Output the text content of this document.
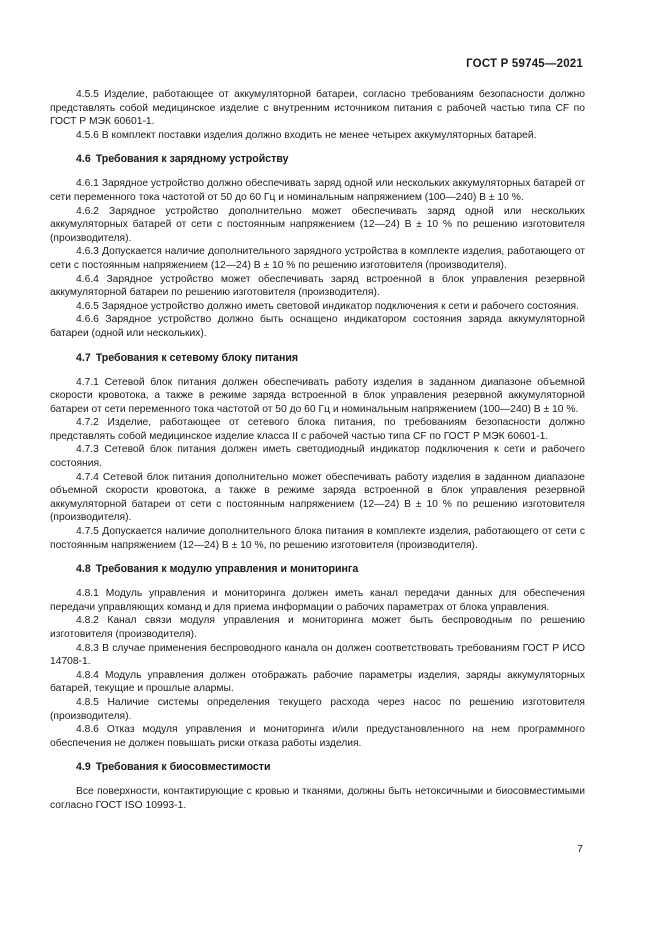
ГОСТ Р 59745—2021

4.5.5 Изделие, работающее от аккумуляторной батареи, согласно требованиям безопасности должно представлять собой медицинское изделие с внутренним источником питания с рабочей частью типа CF по ГОСТ Р МЭК 60601-1.

4.5.6 В комплект поставки изделия должно входить не менее четырех аккумуляторных батарей.

4.6 Требования к зарядному устройству

4.6.1 Зарядное устройство должно обеспечивать заряд одной или нескольких аккумуляторных батарей от сети переменного тока частотой от 50 до 60 Гц и номинальным напряжением (100—240) В ± 10 %.

4.6.2 Зарядное устройство дополнительно может обеспечивать заряд одной или нескольких аккумуляторных батарей от сети с постоянным напряжением (12—24) В ± 10 % по решению изготовителя (производителя).

4.6.3 Допускается наличие дополнительного зарядного устройства в комплекте изделия, работающего от сети с постоянным напряжением (12—24) В ± 10 % по решению изготовителя (производителя).

4.6.4 Зарядное устройство может обеспечивать заряд встроенной в блок управления резервной аккумуляторной батареи по решению изготовителя (производителя).

4.6.5 Зарядное устройство должно иметь световой индикатор подключения к сети и рабочего состояния.

4.6.6 Зарядное устройство должно быть оснащено индикатором состояния заряда аккумуляторной батареи (одной или нескольких).

4.7 Требования к сетевому блоку питания

4.7.1 Сетевой блок питания должен обеспечивать работу изделия в заданном диапазоне объемной скорости кровотока, а также в режиме заряда встроенной в блок управления резервной аккумуляторной батареи от сети переменного тока частотой от 50 до 60 Гц и номинальным напряжением (100—240) В ± 10 %.

4.7.2 Изделие, работающее от сетевого блока питания, по требованиям безопасности должно представлять собой медицинское изделие класса II с рабочей частью типа CF по ГОСТ Р МЭК 60601-1.

4.7.3 Сетевой блок питания должен иметь светодиодный индикатор подключения к сети и рабочего состояния.

4.7.4 Сетевой блок питания дополнительно может обеспечивать работу изделия в заданном диапазоне объемной скорости кровотока, а также в режиме заряда встроенной в блок управления резервной аккумуляторной батареи от сети с постоянным напряжением (12—24) В ± 10 % по решению изготовителя (производителя).

4.7.5 Допускается наличие дополнительного блока питания в комплекте изделия, работающего от сети с постоянным напряжением (12—24) В ± 10 %, по решению изготовителя (производителя).

4.8 Требования к модулю управления и мониторинга

4.8.1 Модуль управления и мониторинга должен иметь канал передачи данных для обеспечения передачи управляющих команд и для приема информации о рабочих параметрах от блока управления.

4.8.2 Канал связи модуля управления и мониторинга может быть беспроводным по решению изготовителя (производителя).

4.8.3 В случае применения беспроводного канала он должен соответствовать требованиям ГОСТ Р ИСО 14708-1.

4.8.4 Модуль управления должен отображать рабочие параметры изделия, заряды аккумуляторных батарей, текущие и прошлые алармы.

4.8.5 Наличие системы определения текущего расхода через насос по решению изготовителя (производителя).

4.8.6 Отказ модуля управления и мониторинга и/или предустановленного на нем программного обеспечения не должен повышать риски отказа работы изделия.

4.9 Требования к биосовместимости

Все поверхности, контактирующие с кровью и тканями, должны быть нетоксичными и биосовместимыми согласно ГОСТ ISO 10993-1.

7
